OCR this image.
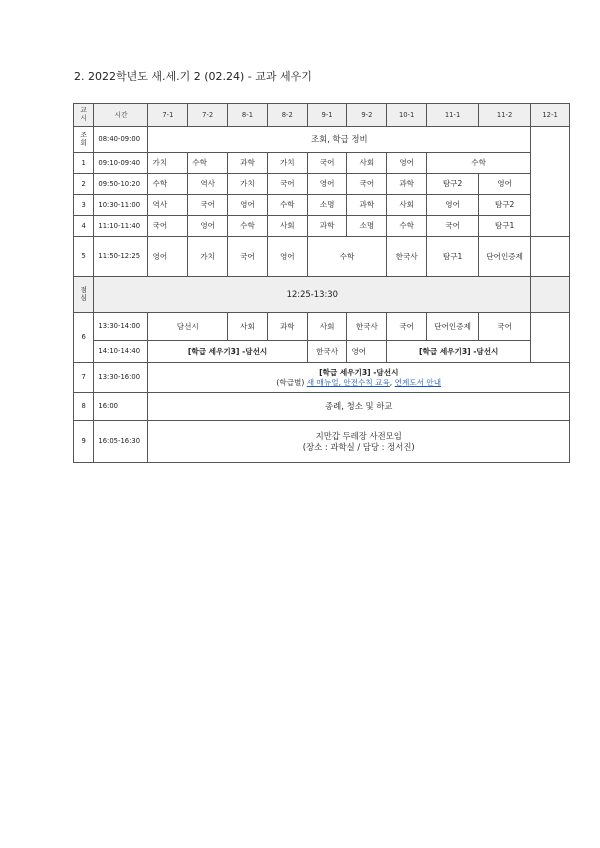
2. 2022학년도 새.세.기 2 (02.24) - 교과 세우기
교
시	시간	7-1	7-2	8-1	8-2	9-1	9-2	10-1	11-1	11-2	12-1

조
회	08:40-09:00	조회, 학급 정비									
1	09:10-09:40	가치	수학	과학	가치	국어	사회	영어	수학		
2	09:50-10:20	수학	역사	가치	국어	영어	국어	과학	탐구2	영어	
3	10:30-11:00	역사	국어	영어	수학	소명	과학	사회	영어	탐구2	
4	11:10-11:40	국어	영어	수학	사회	과학	소명	수학	국어	탐구1	
5	11:50-12:25	영어	가치	국어	영어	수학		한국사	탐구1	단어인증제	

점
심	12:25-13:30										
6	13:30-14:00	담선시		사회	과학	사회	한국사	국어	단어인증제	국어	
	14:10-14:40	[학급 세우기3] -담선시				한국사	영어	[학급 세우기3] -담선시			
7	13:30-16:00	[학급 세우기3] -담선시
(학급별) 새 매뉴얼, 안전수칙 교육, 연계도서 안내									

8	16:00	종례, 청소 및 하교									
9	16:05-16:30	지만갑 두레장 사전모임
(장소 : 과학실 / 담당 : 정서진)									
